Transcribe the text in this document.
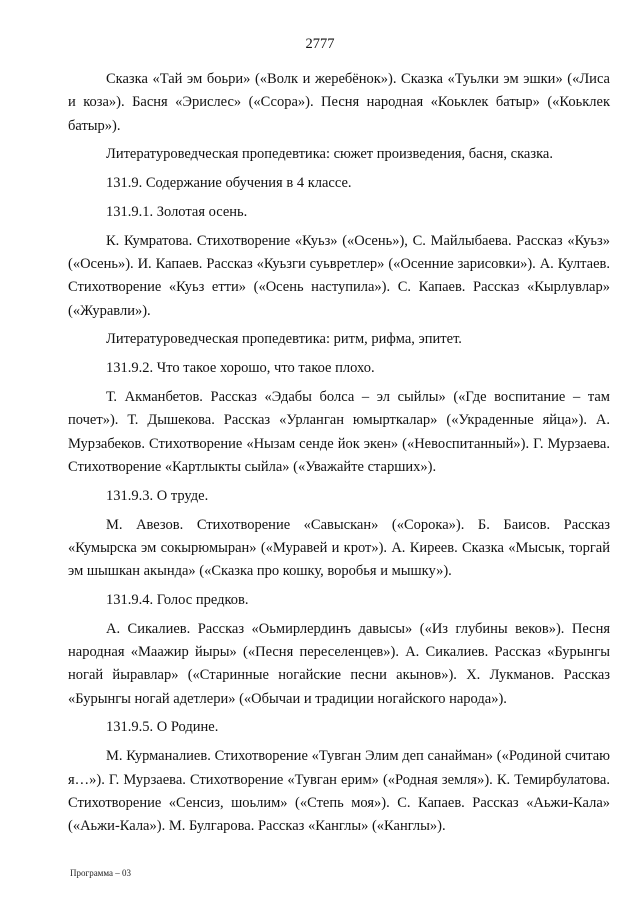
2777

Сказка «Тай эм боьри» («Волк и жеребёнок»). Сказка «Туьлки эм эшки» («Лиса и коза»). Басня «Эрислес» («Ссора»). Песня народная «Коьклек батыр» («Коьклек батыр»).

Литературоведческая пропедевтика: сюжет произведения, басня, сказка.

131.9. Содержание обучения в 4 классе.

131.9.1. Золотая осень.

К. Кумратова. Стихотворение «Куьз» («Осень»), С. Майлыбаева. Рассказ «Куьз» («Осень»). И. Капаев. Рассказ «Куьзги суьвретлер» («Осенние зарисовки»). А. Култаев. Стихотворение «Куьз етти» («Осень наступила»). С. Капаев. Рассказ «Кырлувлар» («Журавли»).

Литературоведческая пропедевтика: ритм, рифма, эпитет.

131.9.2. Что такое хорошо, что такое плохо.

Т. Акманбетов. Рассказ «Эдабы болса – эл сыйлы» («Где воспитание – там почет»). Т. Дышекова. Рассказ «Урланган юмырткалар» («Украденные яйца»). А. Мурзабеков. Стихотворение «Нызам сенде йок экен» («Невоспитанный»). Г. Мурзаева. Стихотворение «Картлыкты сыйла» («Уважайте старших»).

131.9.3. О труде.

М. Авезов. Стихотворение «Савыскан» («Сорока»). Б. Баисов. Рассказ «Кумырска эм сокырюмыран» («Муравей и крот»). А. Киреев. Сказка «Мысык, торгай эм шышкан акында» («Сказка про кошку, воробья и мышку»).

131.9.4. Голос предков.

А. Сикалиев. Рассказ «Оьмирлердинъ давысы» («Из глубины веков»). Песня народная «Маажир йыры» («Песня переселенцев»). А. Сикалиев. Рассказ «Бурынгы ногай йыравлар» («Старинные ногайские песни акынов»). Х. Лукманов. Рассказ «Бурынгы ногай адетлери» («Обычаи и традиции ногайского народа»).

131.9.5. О Родине.

М. Курманалиев. Стихотворение «Тувган Элим деп санайман» («Родиной считаю я…»). Г. Мурзаева. Стихотворение «Тувган ерим» («Родная земля»). К. Темирбулатова. Стихотворение «Сенсиз, шоьлим» («Степь моя»). С. Капаев. Рассказ «Аьжи-Кала» («Аьжи-Кала»). М. Булгарова. Рассказ «Канглы» («Канглы»).

Программа – 03
